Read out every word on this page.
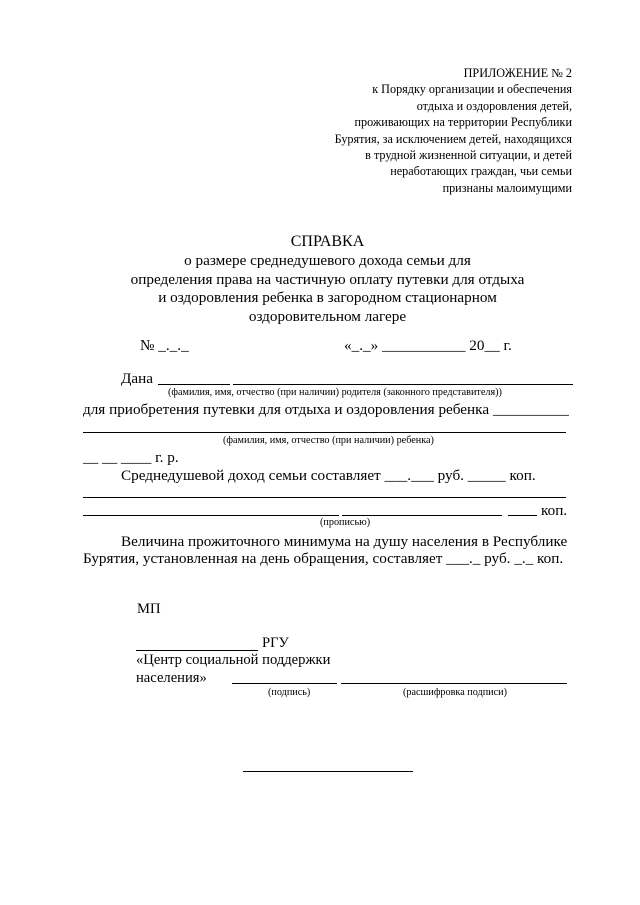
ПРИЛОЖЕНИЕ № 2
к Порядку организации и обеспечения
отдыха и оздоровления детей,
проживающих на территории Республики
Бурятия, за исключением детей, находящихся
в трудной жизненной ситуации, и детей
неработающих граждан, чьи семьи
признаны малоимущими
СПРАВКА
о размере среднедушевого дохода семьи для
определения права на частичную оплату путевки для отдыха
и оздоровления ребенка в загородном стационарном
оздоровительном лагере
№ _._._	«_._» ___________ 20__ г.
Дана
(фамилия, имя, отчество (при наличии) родителя (законного представителя))
для приобретения путевки для отдыха и оздоровления ребенка __________
(фамилия, имя, отчество (при наличии) ребенка)
__ __ ____ г. р.
Среднедушевой доход семьи составляет ___.___ руб. _____ коп.
коп.
(прописью)
Величина прожиточного минимума на душу населения в Республике
Бурятия, установленная на день обращения, составляет ___._ руб. _._ коп.
МП
РГУ
«Центр социальной поддержки
населения»
(подпись)	(расшифровка подписи)
